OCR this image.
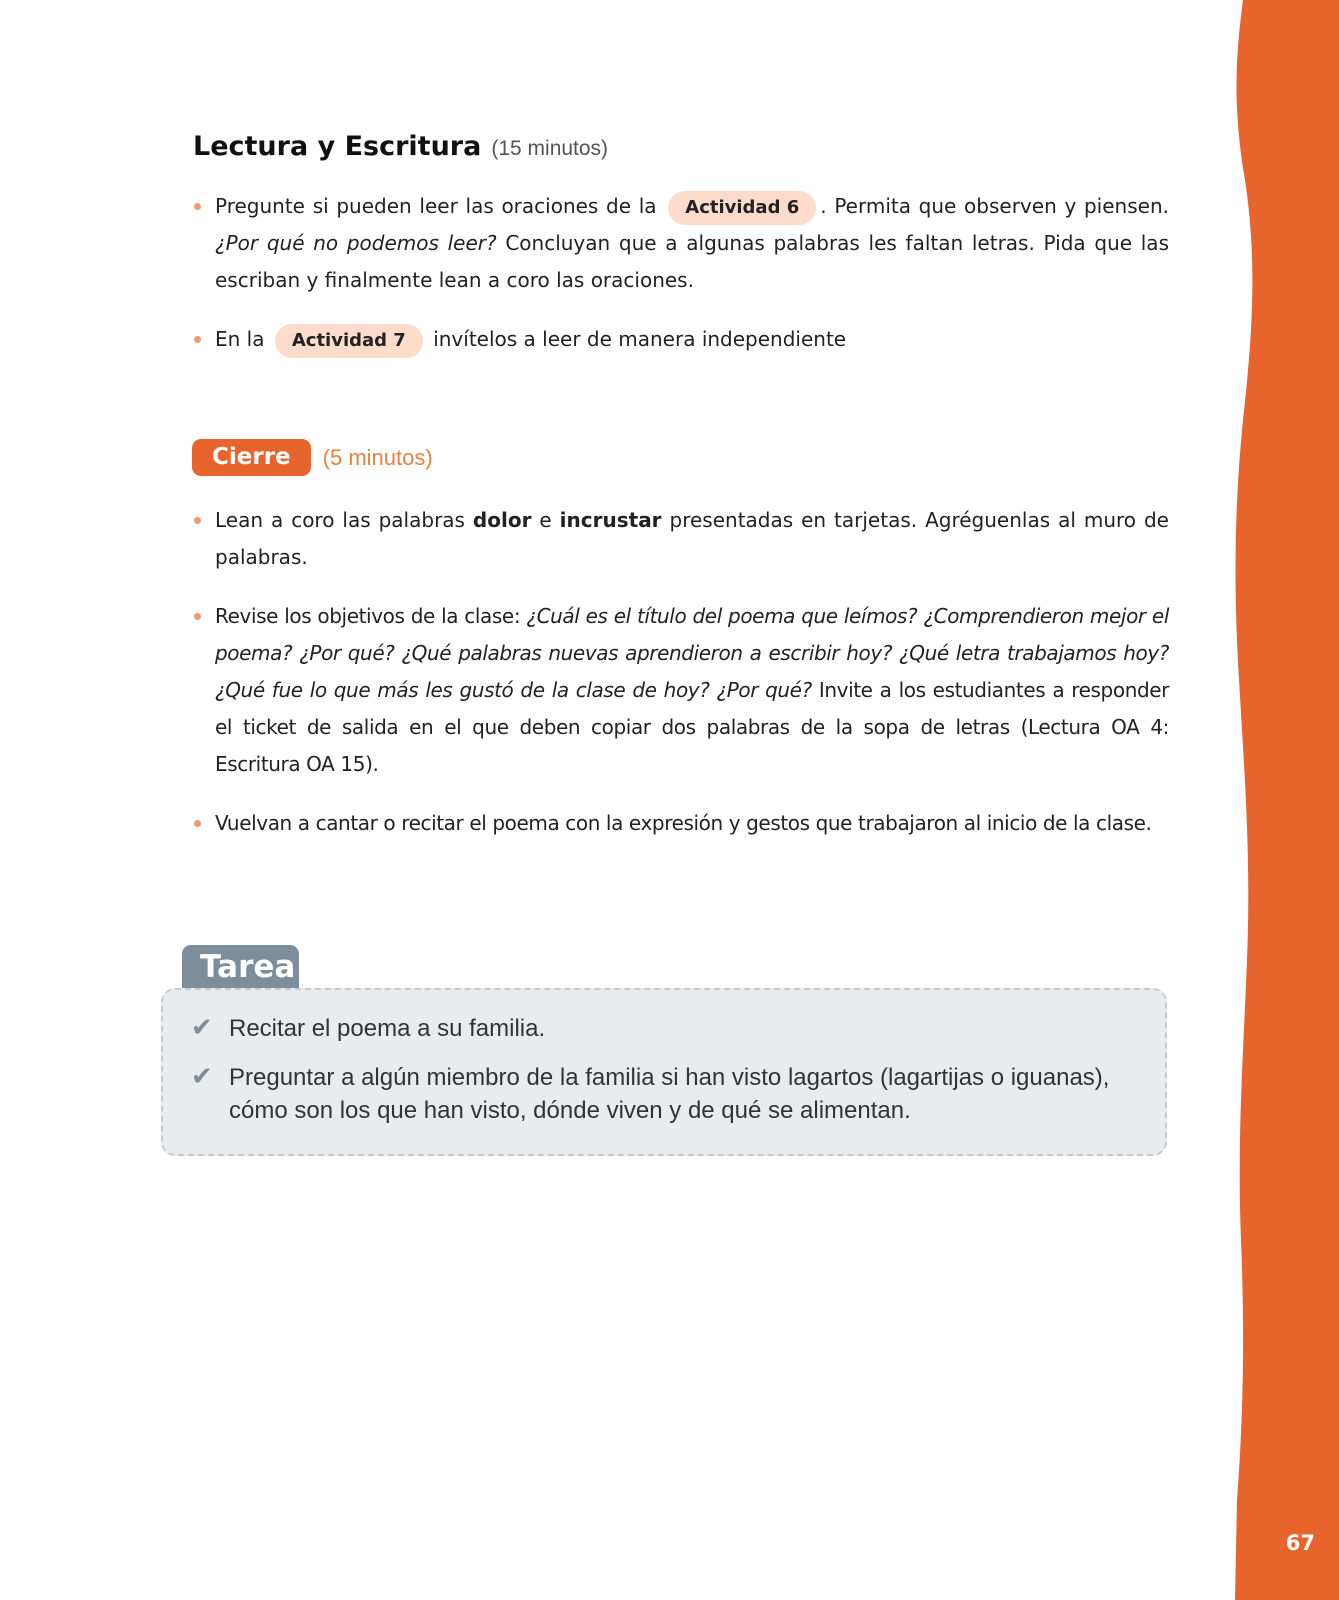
67
Lectura y Escritura (15 minutos)
Pregunte si pueden leer las oraciones de la Actividad 6 . Permita que observen y piensen. ¿Por qué no podemos leer? Concluyan que a algunas palabras les faltan letras. Pida que las escriban y finalmente lean a coro las oraciones.
En la Actividad 7 invítelos a leer de manera independiente
Cierre	(5 minutos)
Lean a coro las palabras dolor e incrustar presentadas en tarjetas. Agréguenlas al muro de palabras.
Revise los objetivos de la clase: ¿Cuál es el título del poema que leímos? ¿Comprendieron mejor el poema? ¿Por qué? ¿Qué palabras nuevas aprendieron a escribir hoy? ¿Qué letra trabajamos hoy? ¿Qué fue lo que más les gustó de la clase de hoy? ¿Por qué? Invite a los estudiantes a responder el ticket de salida en el que deben copiar dos palabras de la sopa de letras (Lectura OA 4: Escritura OA 15).
Vuelvan a cantar o recitar el poema con la expresión y gestos que trabajaron al inicio de la clase.
Tarea
✔ Recitar el poema a su familia.
✔ Preguntar a algún miembro de la familia si han visto lagartos (lagartijas o iguanas), cómo son los que han visto, dónde viven y de qué se alimentan.
